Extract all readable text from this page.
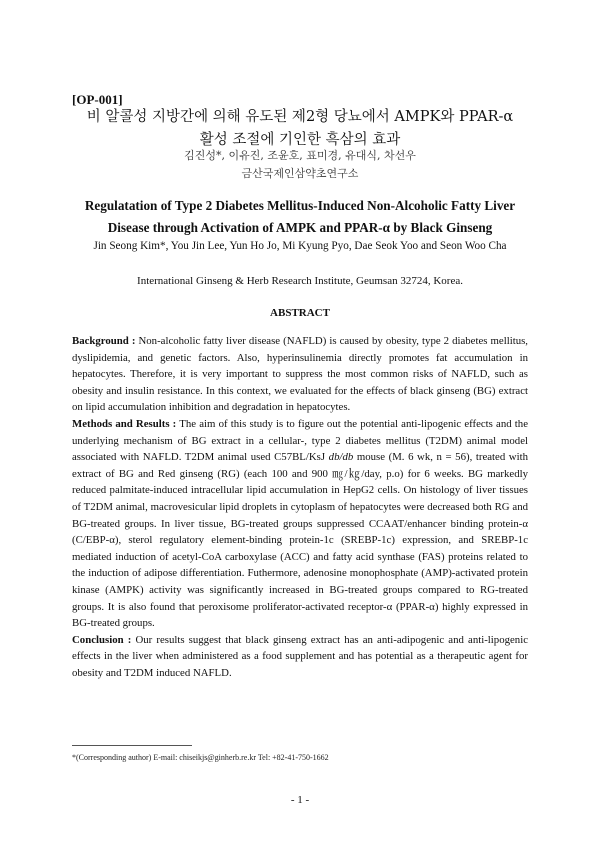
[OP-001]
비 알콜성 지방간에 의해 유도된 제2형 당뇨에서 AMPK와 PPAR-α
활성 조절에 기인한 흑삼의 효과
김진성*, 이유진, 조윤호, 표미경, 유대식, 차선우
금산국제인삼약초연구소
Regulatation of Type 2 Diabetes Mellitus-Induced Non-Alcoholic Fatty Liver
Disease through Activation of AMPK and PPAR-α by Black Ginseng
Jin Seong Kim*, You Jin Lee, Yun Ho Jo, Mi Kyung Pyo, Dae Seok Yoo and Seon Woo Cha
International Ginseng & Herb Research Institute, Geumsan 32724, Korea.
ABSTRACT

Background : Non-alcoholic fatty liver disease (NAFLD) is caused by obesity, type 2 diabetes mellitus, dyslipidemia, and genetic factors. Also, hyperinsulinemia directly promotes fat accumulation in hepatocytes. Therefore, it is very important to suppress the most common risks of NAFLD, such as obesity and insulin resistance. In this context, we evaluated for the effects of black ginseng (BG) extract on lipid accumulation inhibition and degradation in hepatocytes.

Methods and Results : The aim of this study is to figure out the potential anti-lipogenic effects and the underlying mechanism of BG extract in a cellular-, type 2 diabetes mellitus (T2DM) animal model associated with NAFLD. T2DM animal used C57BL/KsJ db/db mouse (M. 6 wk, n = 56), treated with extract of BG and Red ginseng (RG) (each 100 and 900 ㎎/㎏/day, p.o) for 6 weeks. BG markedly reduced palmitate-induced intracellular lipid accumulation in HepG2 cells. On histology of liver tissues of T2DM animal, macrovesicular lipid droplets in cytoplasm of hepatocytes were decreased both RG and BG-treated groups. In liver tissue, BG-treated groups suppressed CCAAT/enhancer binding protein-α (C/EBP-α), sterol regulatory element-binding protein-1c (SREBP-1c) expression, and SREBP-1c mediated induction of acetyl-CoA carboxylase (ACC) and fatty acid synthase (FAS) proteins related to the induction of adipose differentiation. Futhermore, adenosine monophosphate (AMP)-activated protein kinase (AMPK) activity was significantly increased in BG-treated groups compared to RG-treated groups. It is also found that peroxisome proliferator-activated receptor-α (PPAR-α) highly expressed in BG-treated groups.

Conclusion : Our results suggest that black ginseng extract has an anti-adipogenic and anti-lipogenic effects in the liver when administered as a food supplement and has potential as a therapeutic agent for obesity and T2DM induced NAFLD.

*(Corresponding author) E-mail: chiseikjs@ginherb.re.kr Tel: +82-41-750-1662
- 1 -
